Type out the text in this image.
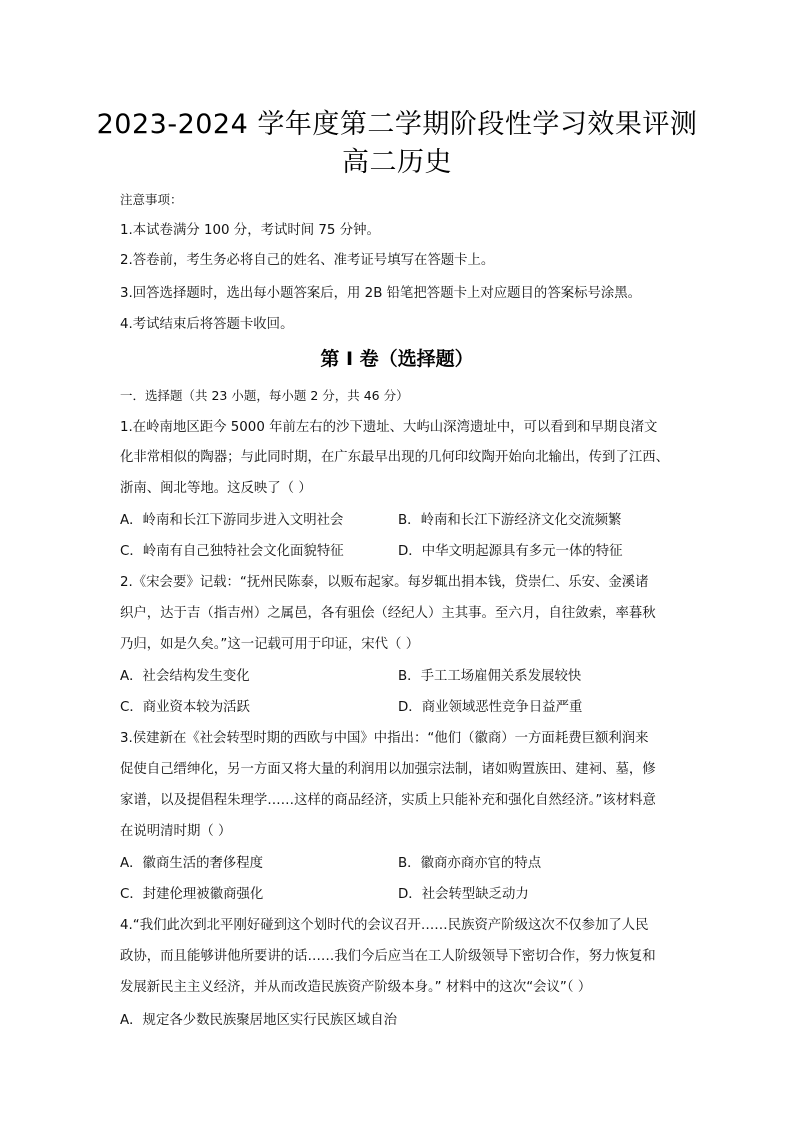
2023-2024 学年度第二学期阶段性学习效果评测
高二历史
注意事项：
1.本试卷满分 100 分，考试时间 75 分钟。
2.答卷前，考生务必将自己的姓名、准考证号填写在答题卡上。
3.回答选择题时，选出每小题答案后，用 2B 铅笔把答题卡上对应题目的答案标号涂黑。
4.考试结束后将答题卡收回。
第 I 卷（选择题）
一．选择题（共 23 小题，每小题 2 分，共 46 分）
1.在岭南地区距今 5000 年前左右的沙下遗址、大屿山深湾遗址中，可以看到和早期良渚文
化非常相似的陶器；与此同时期，在广东最早出现的几何印纹陶开始向北输出，传到了江西、
浙南、闽北等地。这反映了（ ）
A．岭南和长江下游同步进入文明社会	B．岭南和长江下游经济文化交流频繁
C．岭南有自己独特社会文化面貌特征	D．中华文明起源具有多元一体的特征
2.《宋会要》记载：“抚州民陈泰，以贩布起家。每岁辄出捐本钱，贷崇仁、乐安、金溪诸
织户，达于吉（指吉州）之属邑，各有驵侩（经纪人）主其事。至六月，自往敛索，率暮秋
乃归，如是久矣。”这一记载可用于印证，宋代（ ）
A．社会结构发生变化	B．手工工场雇佣关系发展较快
C．商业资本较为活跃	D．商业领域恶性竞争日益严重
3.侯建新在《社会转型时期的西欧与中国》中指出：“他们（徽商）一方面耗费巨额利润来
促使自己缙绅化，另一方面又将大量的利润用以加强宗法制，诸如购置族田、建祠、墓，修
家谱，以及提倡程朱理学……这样的商品经济，实质上只能补充和强化自然经济。”该材料意
在说明清时期（ ）
A．徽商生活的奢侈程度	B．徽商亦商亦官的特点
C．封建伦理被徽商强化	D．社会转型缺乏动力
4.“我们此次到北平刚好碰到这个划时代的会议召开……民族资产阶级这次不仅参加了人民
政协，而且能够讲他所要讲的话……我们今后应当在工人阶级领导下密切合作，努力恢复和
发展新民主主义经济，并从而改造民族资产阶级本身。” 材料中的这次“会议”（ ）
A．规定各少数民族聚居地区实行民族区域自治
